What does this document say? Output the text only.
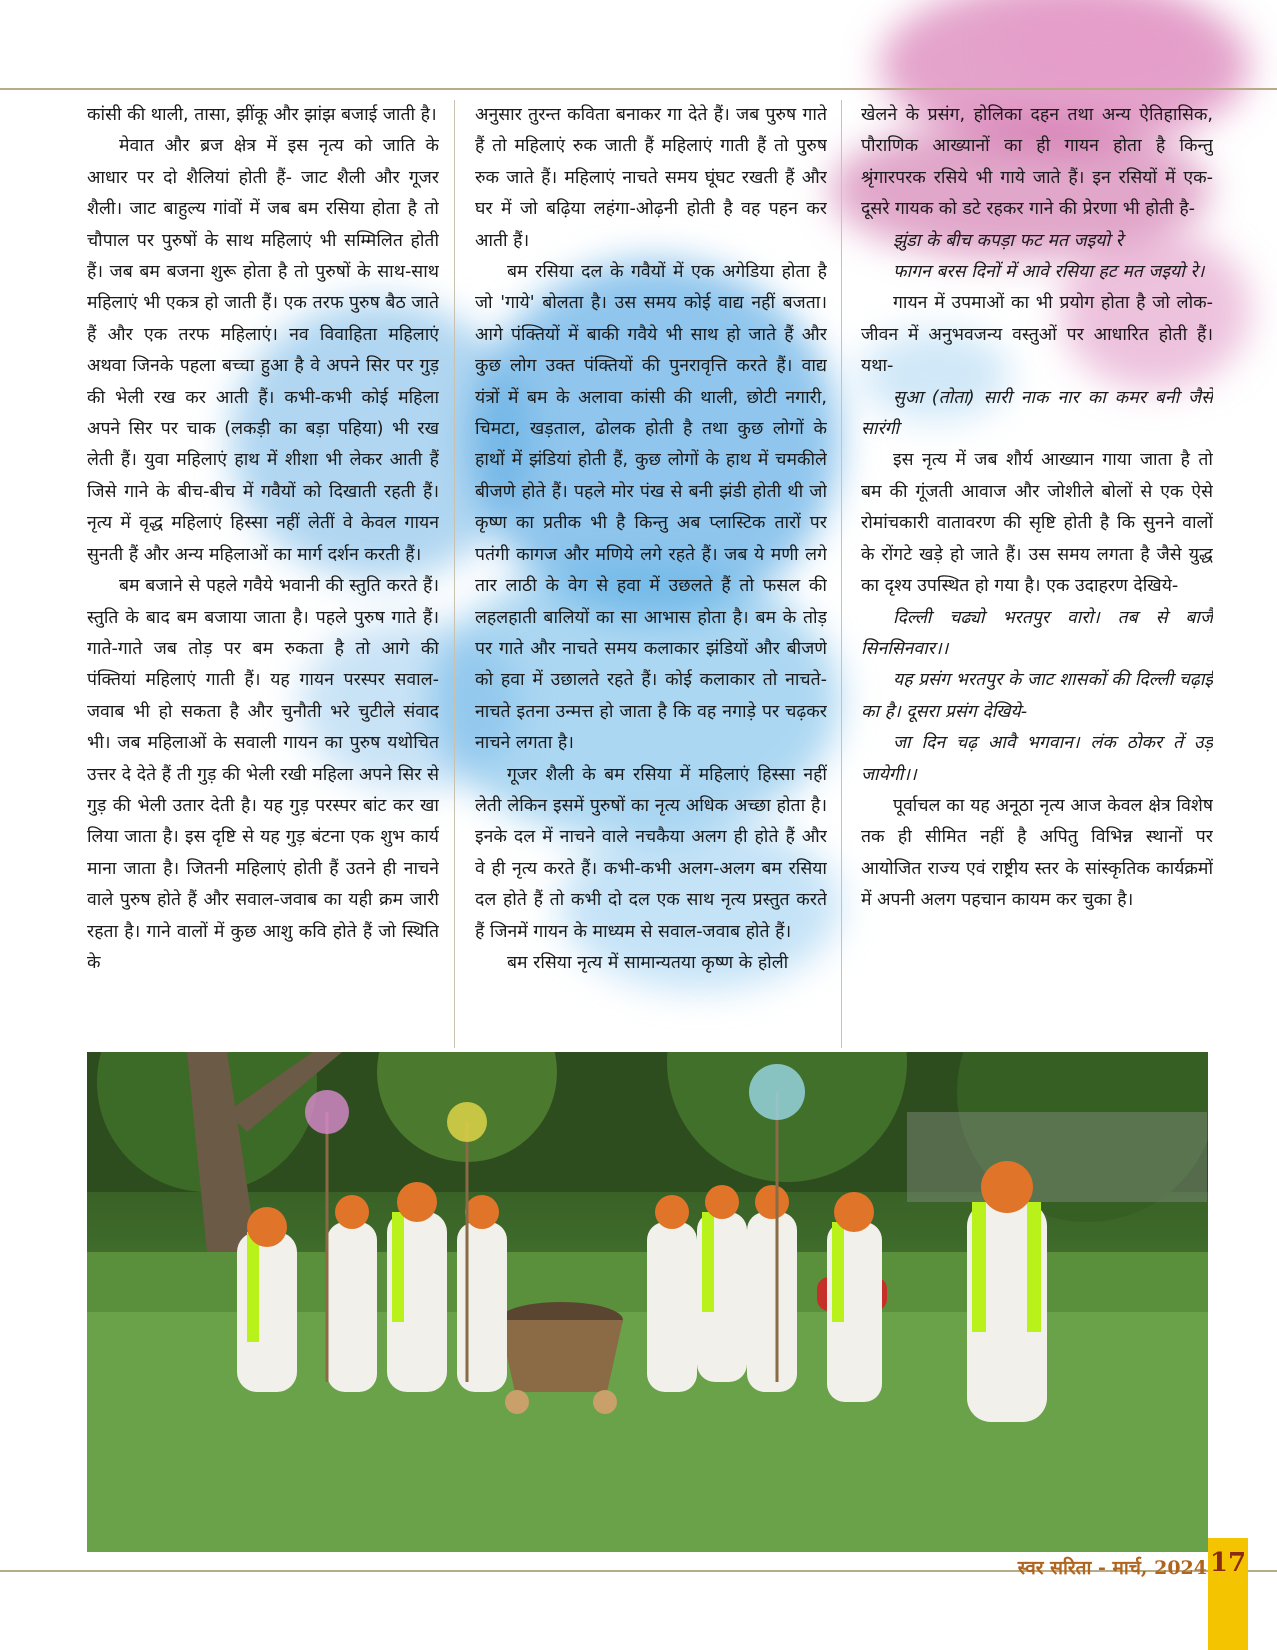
कांसी की थाली, तासा, झींकू और झांझ बजाई जाती है।

मेवात और ब्रज क्षेत्र में इस नृत्य को जाति के आधार पर दो शैलियां होती हैं- जाट शैली और गूजर शैली। जाट बाहुल्य गांवों में जब बम रसिया होता है तो चौपाल पर पुरुषों के साथ महिलाएं भी सम्मिलित होती हैं। जब बम बजना शुरू होता है तो पुरुषों के साथ-साथ महिलाएं भी एकत्र हो जाती हैं। एक तरफ पुरुष बैठ जाते हैं और एक तरफ महिलाएं। नव विवाहिता महिलाएं अथवा जिनके पहला बच्चा हुआ है वे अपने सिर पर गुड़ की भेली रख कर आती हैं। कभी-कभी कोई महिला अपने सिर पर चाक (लकड़ी का बड़ा पहिया) भी रख लेती हैं। युवा महिलाएं हाथ में शीशा भी लेकर आती हैं जिसे गाने के बीच-बीच में गवैयों को दिखाती रहती हैं। नृत्य में वृद्ध महिलाएं हिस्सा नहीं लेतीं वे केवल गायन सुनती हैं और अन्य महिलाओं का मार्ग दर्शन करती हैं।

बम बजाने से पहले गवैये भवानी की स्तुति करते हैं। स्तुति के बाद बम बजाया जाता है। पहले पुरुष गाते हैं। गाते-गाते जब तोड़ पर बम रुकता है तो आगे की पंक्तियां महिलाएं गाती हैं। यह गायन परस्पर सवाल-जवाब भी हो सकता है और चुनौती भरे चुटीले संवाद भी। जब महिलाओं के सवाली गायन का पुरुष यथोचित उत्तर दे देते हैं ती गुड़ की भेली रखी महिला अपने सिर से गुड़ की भेली उतार देती है। यह गुड़ परस्पर बांट कर खा लिया जाता है। इस दृष्टि से यह गुड़ बंटना एक शुभ कार्य माना जाता है। जितनी महिलाएं होती हैं उतने ही नाचने वाले पुरुष होते हैं और सवाल-जवाब का यही क्रम जारी रहता है। गाने वालों में कुछ आशु कवि होते हैं जो स्थिति के

अनुसार तुरन्त कविता बनाकर गा देते हैं। जब पुरुष गाते हैं तो महिलाएं रुक जाती हैं महिलाएं गाती हैं तो पुरुष रुक जाते हैं। महिलाएं नाचते समय घूंघट रखती हैं और घर में जो बढ़िया लहंगा-ओढ़नी होती है वह पहन कर आती हैं।

बम रसिया दल के गवैयों में एक अगेडिया होता है जो 'गाये' बोलता है। उस समय कोई वाद्य नहीं बजता। आगे पंक्तियों में बाकी गवैये भी साथ हो जाते हैं और कुछ लोग उक्त पंक्तियों की पुनरावृत्ति करते हैं। वाद्य यंत्रों में बम के अलावा कांसी की थाली, छोटी नगारी, चिमटा, खड़ताल, ढोलक होती है तथा कुछ लोगों के हाथों में झंडियां होती हैं, कुछ लोगों के हाथ में चमकीले बीजणे होते हैं। पहले मोर पंख से बनी झंडी होती थी जो कृष्ण का प्रतीक भी है किन्तु अब प्लास्टिक तारों पर पतंगी कागज और मणिये लगे रहते हैं। जब ये मणी लगे तार लाठी के वेग से हवा में उछलते हैं तो फसल की लहलहाती बालियों का सा आभास होता है। बम के तोड़ पर गाते और नाचते समय कलाकार झंडियों और बीजणे को हवा में उछालते रहते हैं। कोई कलाकार तो नाचते-नाचते इतना उन्मत्त हो जाता है कि वह नगाड़े पर चढ़कर नाचने लगता है।

गूजर शैली के बम रसिया में महिलाएं हिस्सा नहीं लेती लेकिन इसमें पुरुषों का नृत्य अधिक अच्छा होता है। इनके दल में नाचने वाले नचकैया अलग ही होते हैं और वे ही नृत्य करते हैं। कभी-कभी अलग-अलग बम रसिया दल होते हैं तो कभी दो दल एक साथ नृत्य प्रस्तुत करते हैं जिनमें गायन के माध्यम से सवाल-जवाब होते हैं।

बम रसिया नृत्य में सामान्यतया कृष्ण के होली

खेलने के प्रसंग, होलिका दहन तथा अन्य ऐतिहासिक, पौराणिक आख्यानों का ही गायन होता है किन्तु श्रृंगारपरक रसिये भी गाये जाते हैं। इन रसियों में एक-दूसरे गायक को डटे रहकर गाने की प्रेरणा भी होती है-

झुंडा के बीच कपड़ा फट मत जइयो रे

फागन बरस दिनों में आवे रसिया हट मत जइयो रे।

गायन में उपमाओं का भी प्रयोग होता है जो लोक-जीवन में अनुभवजन्य वस्तुओं पर आधारित होती हैं। यथा-

सुआ (तोता) सारी नाक नार का कमर बनी जैसे सारंगी

इस नृत्य में जब शौर्य आख्यान गाया जाता है तो बम की गूंजती आवाज और जोशीले बोलों से एक ऐसे रोमांचकारी वातावरण की सृष्टि होती है कि सुनने वालों के रोंगटे खड़े हो जाते हैं। उस समय लगता है जैसे युद्ध का दृश्य उपस्थित हो गया है। एक उदाहरण देखिये-

दिल्ली चढ्यो भरतपुर वारो। तब से बाजै सिनसिनवार।।

यह प्रसंग भरतपुर के जाट शासकों की दिल्ली चढ़ाई का है। दूसरा प्रसंग देखिये-

जा दिन चढ़ आवै भगवान। लंक ठोकर तें उड़ जायेगी।।

पूर्वाचल का यह अनूठा नृत्य आज केवल क्षेत्र विशेष तक ही सीमित नहीं है अपितु विभिन्न स्थानों पर आयोजित राज्य एवं राष्ट्रीय स्तर के सांस्कृतिक कार्यक्रमों में अपनी अलग पहचान कायम कर चुका है।

स्वर सरिता - मार्च, 2024 17
